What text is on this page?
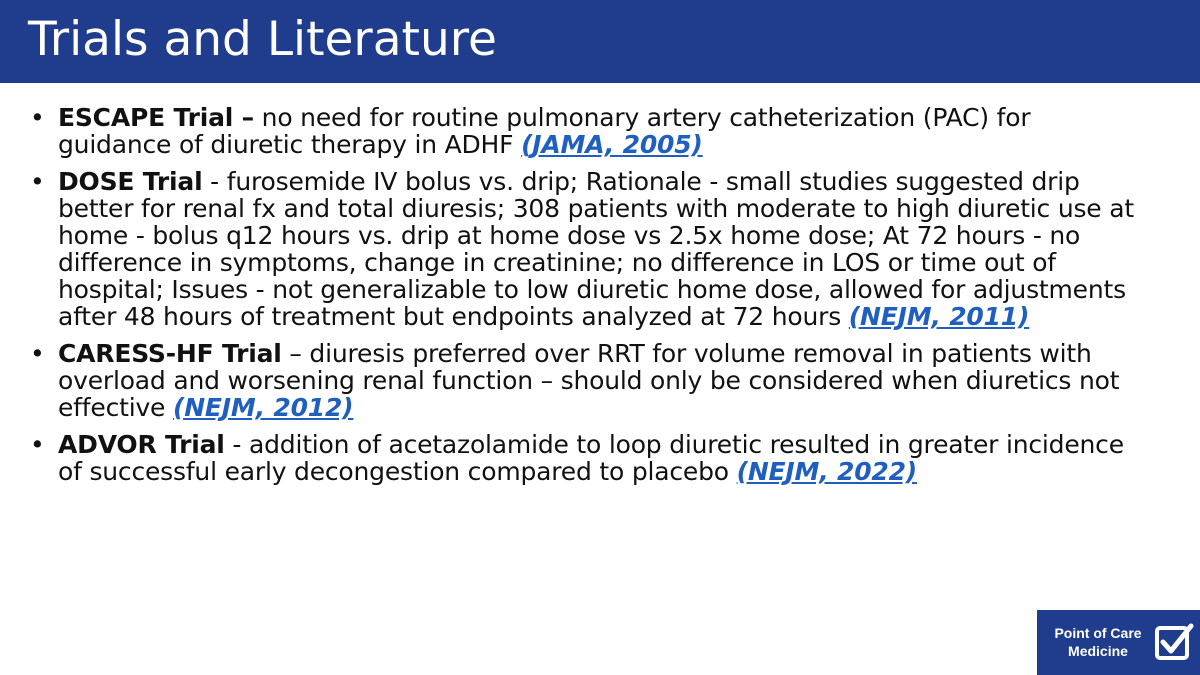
Trials and Literature
• ESCAPE Trial – no need for routine pulmonary artery catheterization (PAC) for guidance of diuretic therapy in ADHF (JAMA, 2005)
• DOSE Trial - furosemide IV bolus vs. drip; Rationale - small studies suggested drip better for renal fx and total diuresis; 308 patients with moderate to high diuretic use at home - bolus q12 hours vs. drip at home dose vs 2.5x home dose; At 72 hours - no difference in symptoms, change in creatinine; no difference in LOS or time out of hospital; Issues - not generalizable to low diuretic home dose, allowed for adjustments after 48 hours of treatment but endpoints analyzed at 72 hours (NEJM, 2011)
• CARESS-HF Trial – diuresis preferred over RRT for volume removal in patients with overload and worsening renal function – should only be considered when diuretics not effective (NEJM, 2012)
• ADVOR Trial - addition of acetazolamide to loop diuretic resulted in greater incidence of successful early decongestion compared to placebo (NEJM, 2022)
Point of Care
Medicine
